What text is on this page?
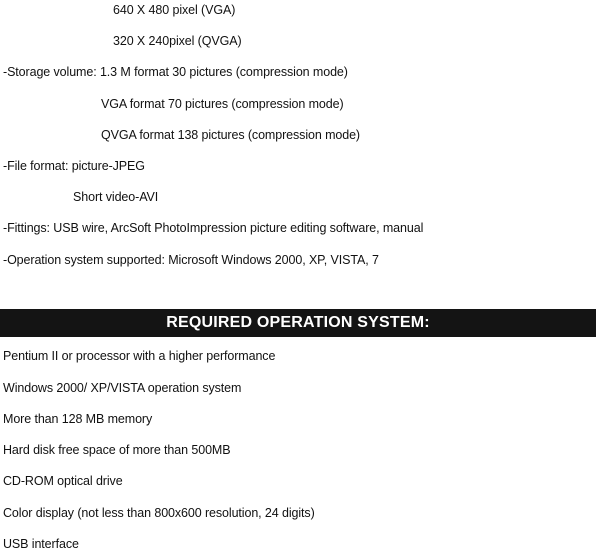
640 X 480 pixel (VGA)
320 X 240pixel (QVGA)
-Storage volume: 1.3 M format 30 pictures (compression mode)
VGA format 70 pictures (compression mode)
QVGA format 138 pictures (compression mode)
-File format: picture-JPEG
Short video-AVI
-Fittings: USB wire, ArcSoft PhotoImpression picture editing software, manual
-Operation system supported: Microsoft Windows 2000, XP, VISTA, 7
REQUIRED OPERATION SYSTEM:
Pentium II or processor with a higher performance
Windows 2000/ XP/VISTA operation system
More than 128 MB memory
Hard disk free space of more than 500MB
CD-ROM optical drive
Color display (not less than 800x600 resolution, 24 digits)
USB interface
